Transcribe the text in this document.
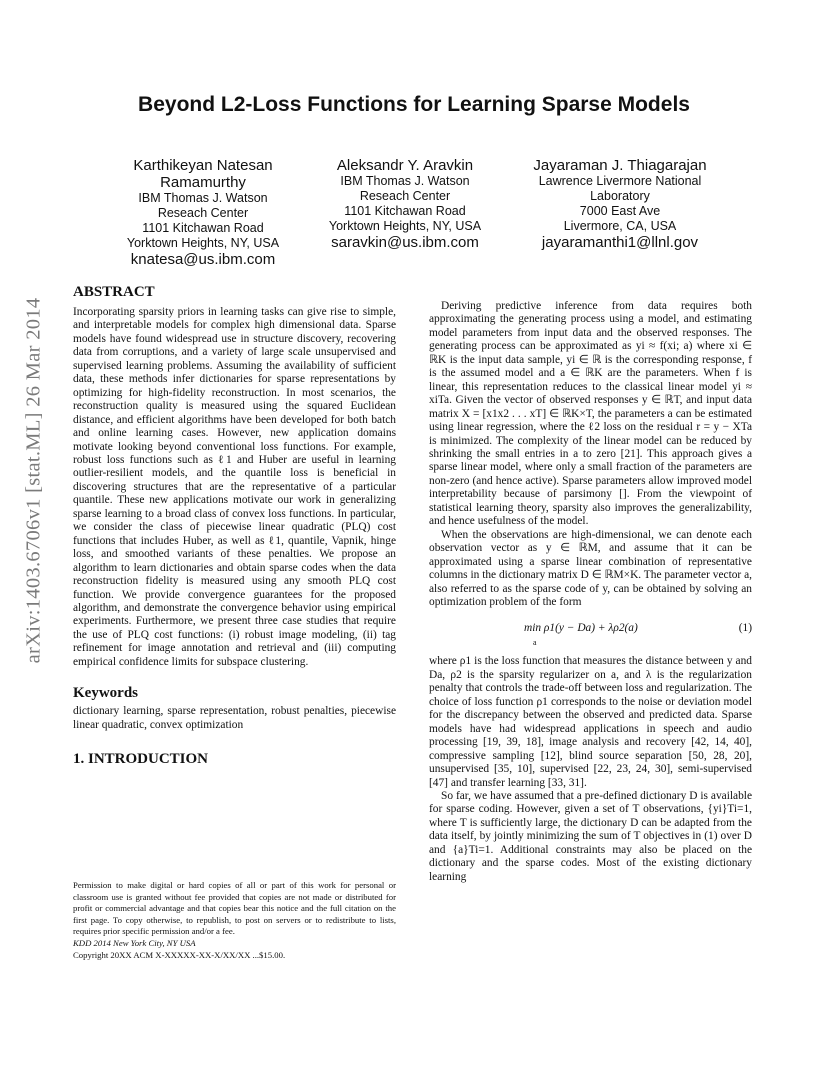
arXiv:1403.6706v1 [stat.ML] 26 Mar 2014
Beyond L2-Loss Functions for Learning Sparse Models
Karthikeyan Natesan Ramamurthy
IBM Thomas J. Watson
Reseach Center
1101 Kitchawan Road
Yorktown Heights, NY, USA
knatesa@us.ibm.com
Aleksandr Y. Aravkin
IBM Thomas J. Watson
Reseach Center
1101 Kitchawan Road
Yorktown Heights, NY, USA
saravkin@us.ibm.com
Jayaraman J. Thiagarajan
Lawrence Livermore National
Laboratory
7000 East Ave
Livermore, CA, USA
jayaramanthi1@llnl.gov
ABSTRACT

Incorporating sparsity priors in learning tasks can give rise to simple, and interpretable models for complex high dimensional data. Sparse models have found widespread use in structure discovery, recovering data from corruptions, and a variety of large scale unsupervised and supervised learning problems. Assuming the availability of sufficient data, these methods infer dictionaries for sparse representations by optimizing for high-fidelity reconstruction. In most scenarios, the reconstruction quality is measured using the squared Euclidean distance, and efficient algorithms have been developed for both batch and online learning cases. However, new application domains motivate looking beyond conventional loss functions. For example, robust loss functions such as ℓ1 and Huber are useful in learning outlier-resilient models, and the quantile loss is beneficial in discovering structures that are the representative of a particular quantile. These new applications motivate our work in generalizing sparse learning to a broad class of convex loss functions. In particular, we consider the class of piecewise linear quadratic (PLQ) cost functions that includes Huber, as well as ℓ1, quantile, Vapnik, hinge loss, and smoothed variants of these penalties. We propose an algorithm to learn dictionaries and obtain sparse codes when the data reconstruction fidelity is measured using any smooth PLQ cost function. We provide convergence guarantees for the proposed algorithm, and demonstrate the convergence behavior using empirical experiments. Furthermore, we present three case studies that require the use of PLQ cost functions: (i) robust image modeling, (ii) tag refinement for image annotation and retrieval and (iii) computing empirical confidence limits for subspace clustering.

Keywords

dictionary learning, sparse representation, robust penalties, piecewise linear quadratic, convex optimization

1. INTRODUCTION

Permission to make digital or hard copies of all or part of this work for personal or classroom use is granted without fee provided that copies are not made or distributed for profit or commercial advantage and that copies bear this notice and the full citation on the first page. To copy otherwise, to republish, to post on servers or to redistribute to lists, requires prior specific permission and/or a fee.

KDD 2014 New York City, NY USA

Copyright 20XX ACM X-XXXXX-XX-X/XX/XX ...$15.00.

Deriving predictive inference from data requires both approximating the generating process using a model, and estimating model parameters from input data and the observed responses. The generating process can be approximated as yi ≈ f(xi; a) where xi ∈ ℝK is the input data sample, yi ∈ ℝ is the corresponding response, f is the assumed model and a ∈ ℝK are the parameters. When f is linear, this representation reduces to the classical linear model yi ≈ xiTa. Given the vector of observed responses y ∈ ℝT, and input data matrix X = [x1x2 . . . xT] ∈ ℝK×T, the parameters a can be estimated using linear regression, where the ℓ2 loss on the residual r = y − XTa is minimized. The complexity of the linear model can be reduced by shrinking the small entries in a to zero [21]. This approach gives a sparse linear model, where only a small fraction of the parameters are non-zero (and hence active). Sparse parameters allow improved model interpretability because of parsimony []. From the viewpoint of statistical learning theory, sparsity also improves the generalizability, and hence usefulness of the model.

When the observations are high-dimensional, we can denote each observation vector as y ∈ ℝM, and assume that it can be approximated using a sparse linear combination of representative columns in the dictionary matrix D ∈ ℝM×K. The parameter vector a, also referred to as the sparse code of y, can be obtained by solving an optimization problem of the form

min ρ1(y − Da) + λρ2(a)
a
(1)

where ρ1 is the loss function that measures the distance between y and Da, ρ2 is the sparsity regularizer on a, and λ is the regularization penalty that controls the trade-off between loss and regularization. The choice of loss function ρ1 corresponds to the noise or deviation model for the discrepancy between the observed and predicted data. Sparse models have had widespread applications in speech and audio processing [19, 39, 18], image analysis and recovery [42, 14, 40], compressive sampling [12], blind source separation [50, 28, 20], unsupervised [35, 10], supervised [22, 23, 24, 30], semi-supervised [47] and transfer learning [33, 31].

So far, we have assumed that a pre-defined dictionary D is available for sparse coding. However, given a set of T observations, {yi}Ti=1, where T is sufficiently large, the dictionary D can be adapted from the data itself, by jointly minimizing the sum of T objectives in (1) over D and {a}Ti=1. Additional constraints may also be placed on the dictionary and the sparse codes. Most of the existing dictionary learning
